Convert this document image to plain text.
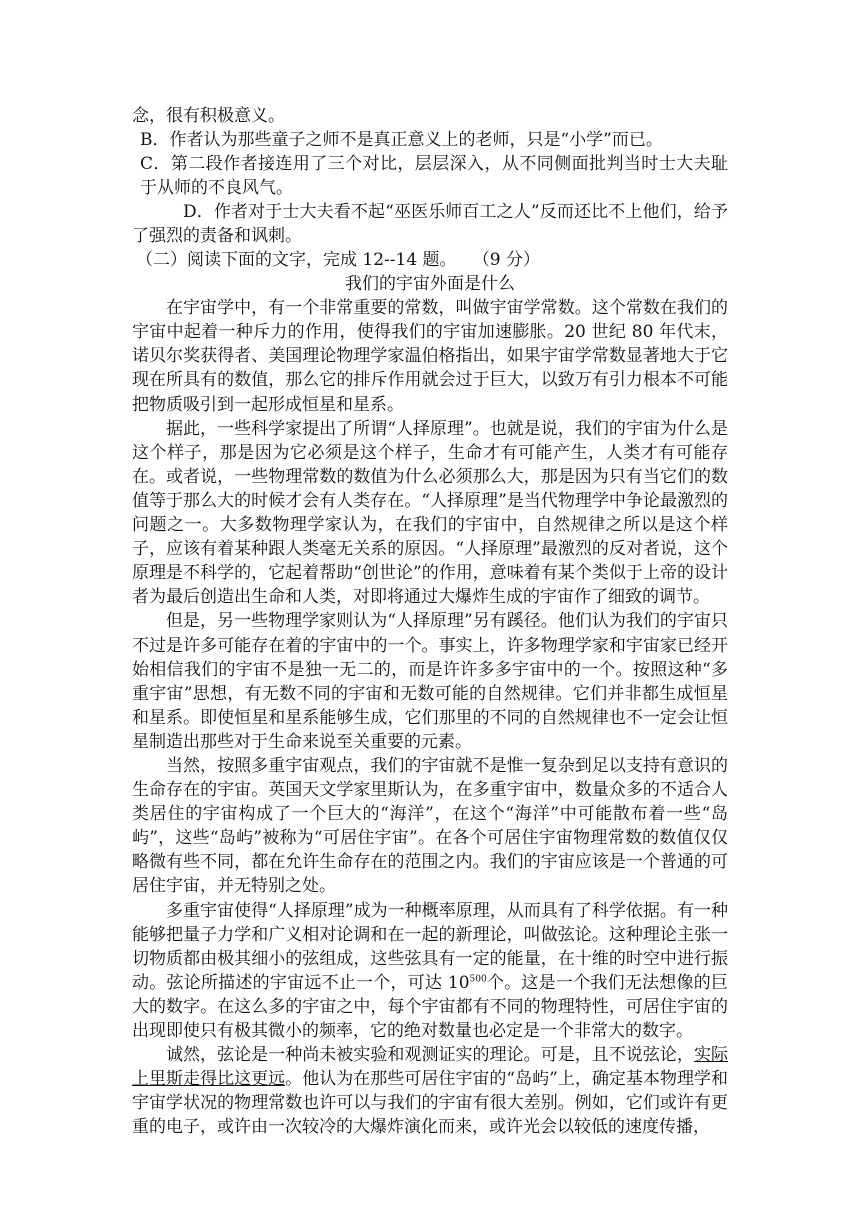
念，很有积极意义。
B．作者认为那些童子之师不是真正意义上的老师，只是“小学”而已。
C．第二段作者接连用了三个对比，层层深入，从不同侧面批判当时士大夫耻于从师的不良风气。
D．作者对于士大夫看不起“巫医乐师百工之人”反而还比不上他们，给予了强烈的责备和讽刺。
（二）阅读下面的文字，完成 12--14 题。   （9 分）
我们的宇宙外面是什么
在宇宙学中，有一个非常重要的常数，叫做宇宙学常数。这个常数在我们的宇宙中起着一种斥力的作用，使得我们的宇宙加速膨胀。20 世纪 80 年代末，诺贝尔奖获得者、美国理论物理学家温伯格指出，如果宇宙学常数显著地大于它现在所具有的数值，那么它的排斥作用就会过于巨大，以致万有引力根本不可能把物质吸引到一起形成恒星和星系。
据此，一些科学家提出了所谓“人择原理”。也就是说，我们的宇宙为什么是这个样子，那是因为它必须是这个样子，生命才有可能产生，人类才有可能存在。或者说，一些物理常数的数值为什么必须那么大，那是因为只有当它们的数值等于那么大的时候才会有人类存在。“人择原理”是当代物理学中争论最激烈的问题之一。大多数物理学家认为，在我们的宇宙中，自然规律之所以是这个样子，应该有着某种跟人类毫无关系的原因。“人择原理”最激烈的反对者说，这个原理是不科学的，它起着帮助“创世论”的作用，意味着有某个类似于上帝的设计者为最后创造出生命和人类，对即将通过大爆炸生成的宇宙作了细致的调节。
但是，另一些物理学家则认为“人择原理”另有蹊径。他们认为我们的宇宙只不过是许多可能存在着的宇宙中的一个。事实上，许多物理学家和宇宙家已经开始相信我们的宇宙不是独一无二的，而是许许多多宇宙中的一个。按照这种“多重宇宙”思想，有无数不同的宇宙和无数可能的自然规律。它们并非都生成恒星和星系。即使恒星和星系能够生成，它们那里的不同的自然规律也不一定会让恒星制造出那些对于生命来说至关重要的元素。
当然，按照多重宇宙观点，我们的宇宙就不是惟一复杂到足以支持有意识的生命存在的宇宙。英国天文学家里斯认为，在多重宇宙中，数量众多的不适合人类居住的宇宙构成了一个巨大的“海洋”，在这个“海洋”中可能散布着一些“岛屿”，这些“岛屿”被称为“可居住宇宙”。在各个可居住宇宙物理常数的数值仅仅略微有些不同，都在允许生命存在的范围之内。我们的宇宙应该是一个普通的可居住宇宙，并无特别之处。
多重宇宙使得“人择原理”成为一种概率原理，从而具有了科学依据。有一种能够把量子力学和广义相对论调和在一起的新理论，叫做弦论。这种理论主张一切物质都由极其细小的弦组成，这些弦具有一定的能量，在十维的时空中进行振动。弦论所描述的宇宙远不止一个，可达 $10^{500}$个。这是一个我们无法想像的巨大的数字。在这么多的宇宙之中，每个宇宙都有不同的物理特性，可居住宇宙的出现即使只有极其微小的频率，它的绝对数量也必定是一个非常大的数字。
诚然，弦论是一种尚未被实验和观测证实的理论。可是，且不说弦论，实际上里斯走得比这更远。他认为在那些可居住宇宙的“岛屿”上，确定基本物理学和宇宙学状况的物理常数也许可以与我们的宇宙有很大差别。例如，它们或许有更重的电子，或许由一次较冷的大爆炸演化而来，或许光会以较低的速度传播，
